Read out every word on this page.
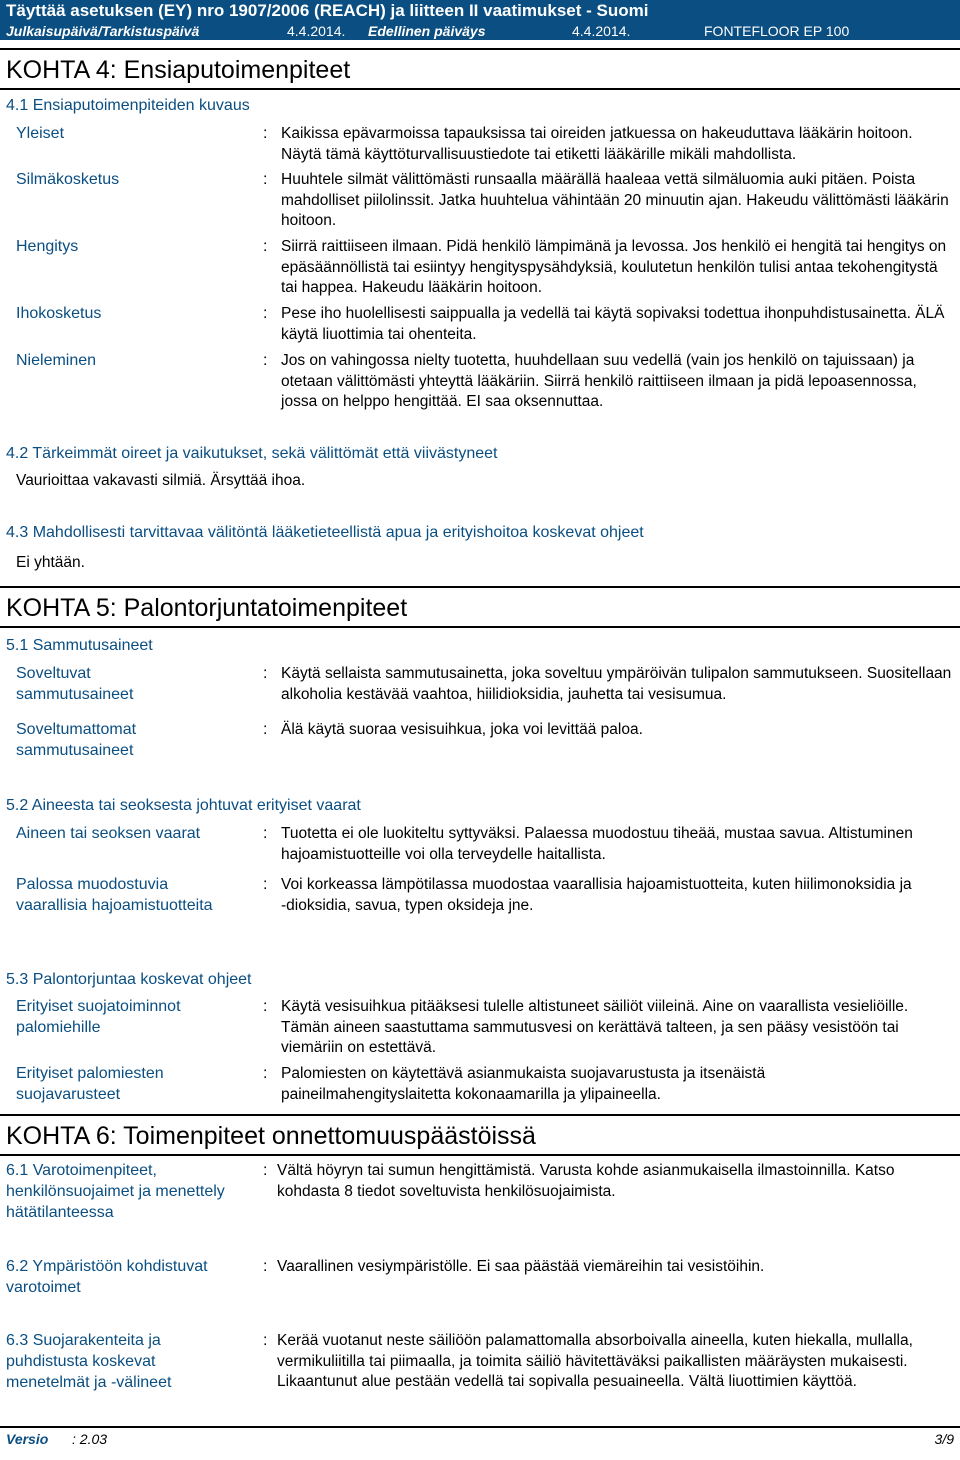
Täyttää asetuksen (EY) nro 1907/2006 (REACH) ja liitteen II vaatimukset - Suomi
Julkaisupäivä/Tarkistuspäivä	4.4.2014. Edellinen päiväys	4.4.2014.	FONTEFLOOR EP 100
KOHTA 4: Ensiaputoimenpiteet
4.1 Ensiaputoimenpiteiden kuvaus
Yleiset	: Kaikissa epävarmoissa tapauksissa tai oireiden jatkuessa on hakeuduttava lääkärin hoitoon. Näytä tämä käyttöturvallisuustiedote tai etiketti lääkärille mikäli mahdollista.
Silmäkosketus	: Huuhtele silmät välittömästi runsaalla määrällä haaleaa vettä silmäluomia auki pitäen. Poista mahdolliset piilolinssit. Jatka huuhtelua vähintään 20 minuutin ajan. Hakeudu välittömästi lääkärin hoitoon.
Hengitys	: Siirrä raittiiseen ilmaan. Pidä henkilö lämpimänä ja levossa. Jos henkilö ei hengitä tai hengitys on epäsäännöllistä tai esiintyy hengityspysähdyksiä, koulutetun henkilön tulisi antaa tekohengitystä tai happea. Hakeudu lääkärin hoitoon.
Ihokosketus	: Pese iho huolellisesti saippualla ja vedellä tai käytä sopivaksi todettua ihonpuhdistusainetta. ÄLÄ käytä liuottimia tai ohenteita.
Nieleminen	: Jos on vahingossa nielty tuotetta, huuhdellaan suu vedellä (vain jos henkilö on tajuissaan) ja otetaan välittömästi yhteyttä lääkäriin. Siirrä henkilö raittiiseen ilmaan ja pidä lepoasennossa, jossa on helppo hengittää. EI saa oksennuttaa.
4.2 Tärkeimmät oireet ja vaikutukset, sekä välittömät että viivästyneet
Vaurioittaa vakavasti silmiä. Ärsyttää ihoa.
4.3 Mahdollisesti tarvittavaa välitöntä lääketieteellistä apua ja erityishoitoa koskevat ohjeet
Ei yhtään.
KOHTA 5: Palontorjuntatoimenpiteet
5.1 Sammutusaineet
Soveltuvat sammutusaineet
: Käytä sellaista sammutusainetta, joka soveltuu ympäröivän tulipalon sammutukseen. Suositellaan alkoholia kestävää vaahtoa, hiilidioksidia, jauhetta tai vesisumua.
Soveltumattomat sammutusaineet
: Älä käytä suoraa vesisuihkua, joka voi levittää paloa.
5.2 Aineesta tai seoksesta johtuvat erityiset vaarat
Aineen tai seoksen vaarat	: Tuotetta ei ole luokiteltu syttyväksi. Palaessa muodostuu tiheää, mustaa savua. Altistuminen hajoamistuotteille voi olla terveydelle haitallista.
Palossa muodostuvia vaarallisia hajoamistuotteita
: Voi korkeassa lämpötilassa muodostaa vaarallisia hajoamistuotteita, kuten hiilimonoksidia ja -dioksidia, savua, typen oksideja jne.
5.3 Palontorjuntaa koskevat ohjeet
Erityiset suojatoiminnot palomiehille
: Käytä vesisuihkua pitääksesi tulelle altistuneet säiliöt viileinä. Aine on vaarallista vesieliöille. Tämän aineen saastuttama sammutusvesi on kerättävä talteen, ja sen pääsy vesistöön tai viemäriin on estettävä.
Erityiset palomiesten suojavarusteet
: Palomiesten on käytettävä asianmukaista suojavarustusta ja itsenäistä paineilmahengityslaitetta kokonaamarilla ja ylipaineella.
KOHTA 6: Toimenpiteet onnettomuuspäästöissä
6.1 Varotoimenpiteet, henkilönsuojaimet ja menettely hätätilanteessa
: Vältä höyryn tai sumun hengittämistä. Varusta kohde asianmukaisella ilmastoinnilla. Katso kohdasta 8 tiedot soveltuvista henkilösuojaimista.
6.2 Ympäristöön kohdistuvat varotoimet
: Vaarallinen vesiympäristölle. Ei saa päästää viemäreihin tai vesistöihin.
6.3 Suojarakenteita ja puhdistusta koskevat menetelmät ja -välineet
: Kerää vuotanut neste säiliöön palamattomalla absorboivalla aineella, kuten hiekalla, mullalla, vermikuliitilla tai piimaalla, ja toimita säiliö hävitettäväksi paikallisten määräysten mukaisesti. Likaantunut alue pestään vedellä tai sopivalla pesuaineella. Vältä liuottimien käyttöä.
Versio : 2.03	3/9
